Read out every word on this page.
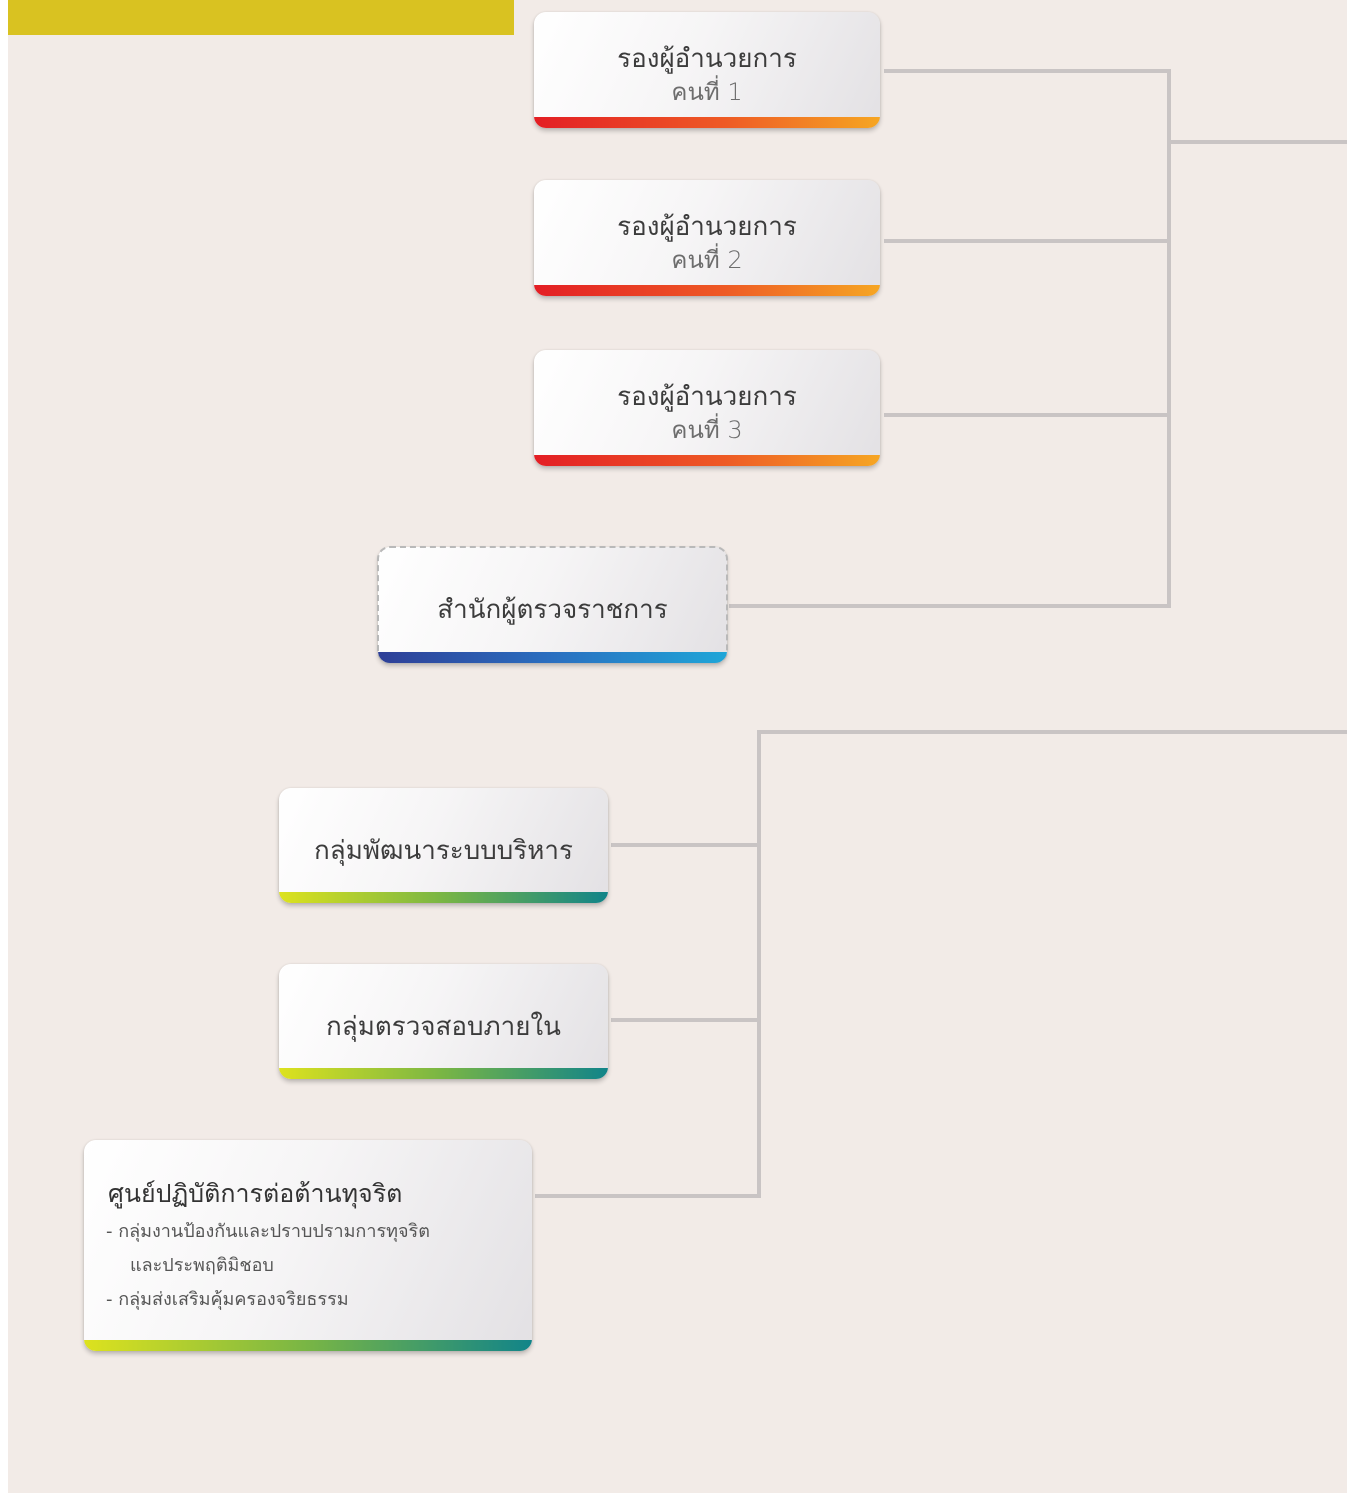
รองผู้อำนวยการ
คนที่ 1
รองผู้อำนวยการ
คนที่ 2
รองผู้อำนวยการ
คนที่ 3
สำนักผู้ตรวจราชการ
กลุ่มพัฒนาระบบบริหาร
กลุ่มตรวจสอบภายใน
ศูนย์ปฏิบัติการต่อต้านทุจริต
- กลุ่มงานป้องกันและปราบปรามการทุจริต
และประพฤติมิชอบ
- กลุ่มส่งเสริมคุ้มครองจริยธรรม
